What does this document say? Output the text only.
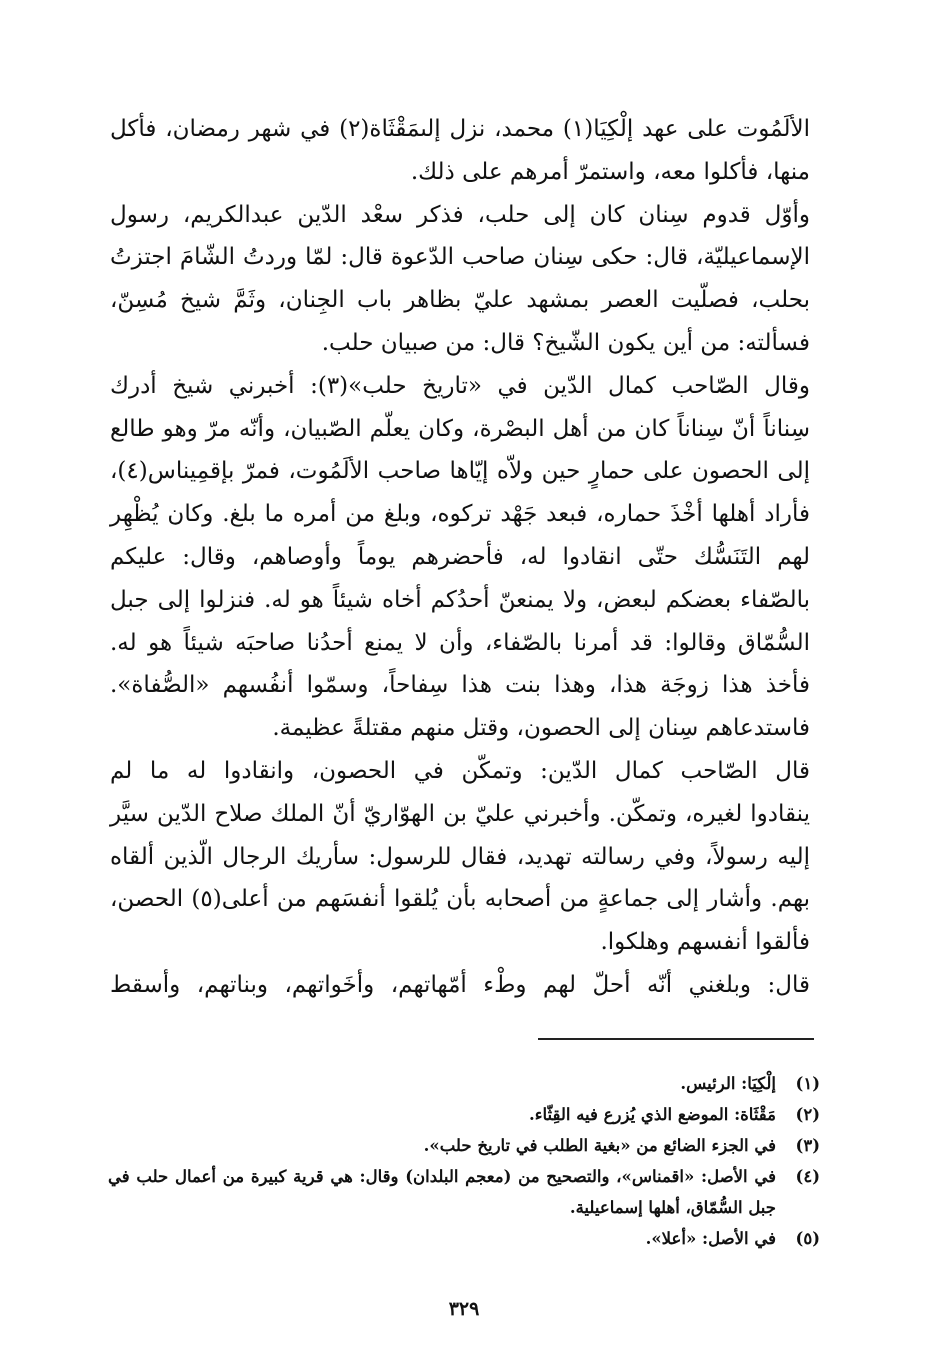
الألَمُوت على عهد إلْكِيَا(١) محمد، نزل إلىمَقْثَاة(٢) في شهر رمضان، فأكل
منها، فأكلوا معه، واستمرّ أمرهم على ذلك.
وأوّل قدوم سِنان كان إلى حلب، فذكر سعْد الدّين عبدالكريم، رسول
الإسماعيليّة، قال: حكى سِنان صاحب الدّعوة قال: لمّا وردتُ الشّامَ اجتزتُ
بحلب، فصلّيت العصر بمشهد عليّ بظاهر باب الجِنان، وثَمَّ شيخ مُسِنّ،
فسألته: من أين يكون الشّيخ؟ قال: من صبيان حلب.
وقال الصّاحب كمال الدّين في «تاريخ حلب»(٣): أخبرني شيخ أدرك
سِناناً أنّ سِناناً كان من أهل البصْرة، وكان يعلّم الصّبيان، وأنّه مرّ وهو طالع
إلى الحصون على حمارٍ حين ولاّه إيّاها صاحب الألَمُوت، فمرّ بإقمِيناس(٤)،
فأراد أهلها أخْذَ حماره، فبعد جَهْد تركوه، وبلغ من أمره ما بلغ. وكان يُظْهِر
لهم التَنَسُّك حتّى انقادوا له، فأحضرهم يوماً وأوصاهم، وقال: عليكم
بالصّفاء بعضكم لبعض، ولا يمنعنّ أحدُكم أخاه شيئاً هو له. فنزلوا إلى جبل
السُّمّاق وقالوا: قد أمرنا بالصّفاء، وأن لا يمنع أحدُنا صاحبَه شيئاً هو له.
فأخذ هذا زوجَة هذا، وهذا بنت هذا سِفاحاً، وسمّوا أنفُسهم «الصُّفاة».
فاستدعاهم سِنان إلى الحصون، وقتل منهم مقتلةً عظيمة.
قال الصّاحب كمال الدّين: وتمكّن في الحصون، وانقادوا له ما لم
ينقادوا لغيره، وتمكّن. وأخبرني عليّ بن الهوّاريّ أنّ الملك صلاح الدّين سيَّر
إليه رسولاً، وفي رسالته تهديد، فقال للرسول: سأريك الرجال الّذين ألقاه
بهم. وأشار إلى جماعةٍ من أصحابه بأن يُلقوا أنفسَهم من أعلى(٥) الحصن،
فألقوا أنفسهم وهلكوا.
قال: وبلغني أنّه أحلّ لهم وطْء أمّهاتهم، وأخَواتهم، وبناتهم، وأسقط
(١)
إلْكِيَا: الرئيس.
(٢)
مَقْثَاة: الموضع الذي يُزرع فيه القِثّاء.
(٣)
في الجزء الضائع من «بغية الطلب في تاريخ حلب».
(٤)
في الأصل: «اقمناس»، والتصحيح من (معجم البلدان) وقال: هي قرية كبيرة من أعمال حلب في جبل السُّمّاق، أهلها إسماعيلية.
(٥)
في الأصل: «أعلا».
٣٢٩
